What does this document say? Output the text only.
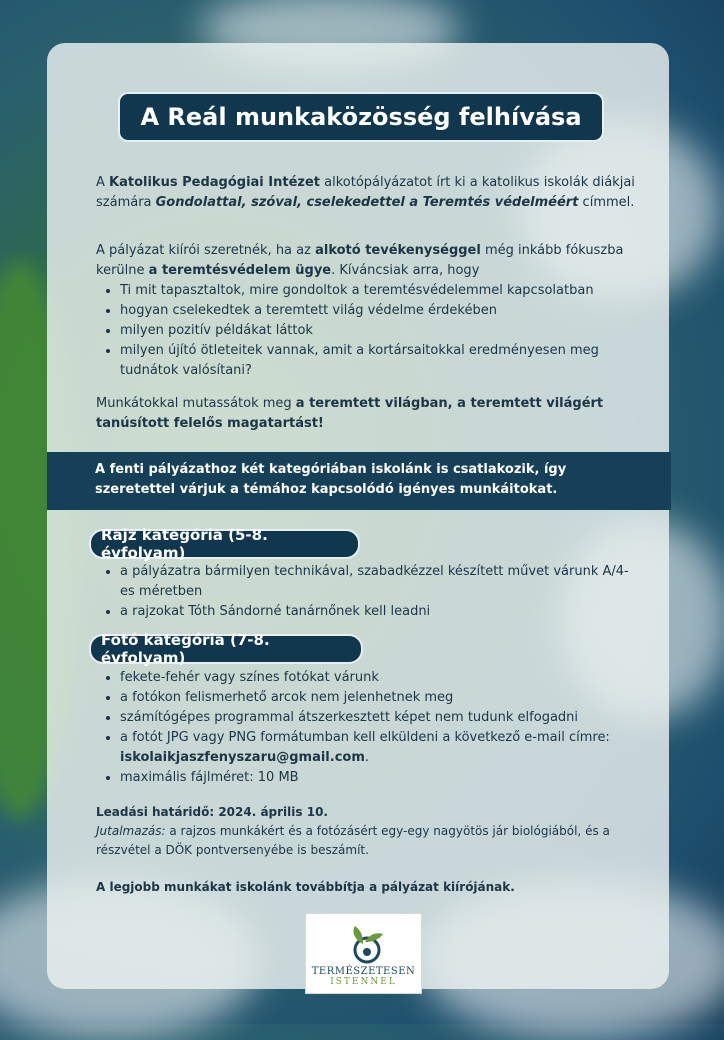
A Reál munkaközösség felhívása
A Katolikus Pedagógiai Intézet alkotópályázatot írt ki a katolikus iskolák diákjai számára Gondolattal, szóval, cselekedettel a Teremtés védelméért címmel.
A pályázat kiírói szeretnék, ha az alkotó tevékenységgel még inkább fókuszba kerülne a teremtésvédelem ügye. Kíváncsiak arra, hogy
• Ti mit tapasztaltok, mire gondoltok a teremtésvédelemmel kapcsolatban
• hogyan cselekedtek a teremtett világ védelme érdekében
• milyen pozitív példákat láttok
• milyen újító ötleteitek vannak, amit a kortársaitokkal eredményesen meg tudnátok valósítani?
Munkátokkal mutassátok meg a teremtett világban, a teremtett világért tanúsított felelős magatartást!
A fenti pályázathoz két kategóriában iskolánk is csatlakozik, így szeretettel várjuk a témához kapcsolódó igényes munkáitokat.
Rajz kategória (5-8. évfolyam)
• a pályázatra bármilyen technikával, szabadkézzel készített művet várunk A/4-es méretben
• a rajzokat Tóth Sándorné tanárnőnek kell leadni
Fotó kategória (7-8. évfolyam)
• fekete-fehér vagy színes fotókat várunk
• a fotókon felismerhető arcok nem jelenhetnek meg
• számítógépes programmal átszerkesztett képet nem tudunk elfogadni
• a fotót JPG vagy PNG formátumban kell elküldeni a következő e-mail címre: iskolaikjaszfenyszaru@gmail.com.
• maximális fájlméret: 10 MB
Leadási határidő: 2024. április 10.
Jutalmazás: a rajzos munkákért és a fotózásért egy-egy nagyötös jár biológiából, és a részvétel a DÖK pontversenyébe is beszámít.
A legjobb munkákat iskolánk továbbítja a pályázat kiírójának.
TERMÉSZETESEN
ISTENNEL
